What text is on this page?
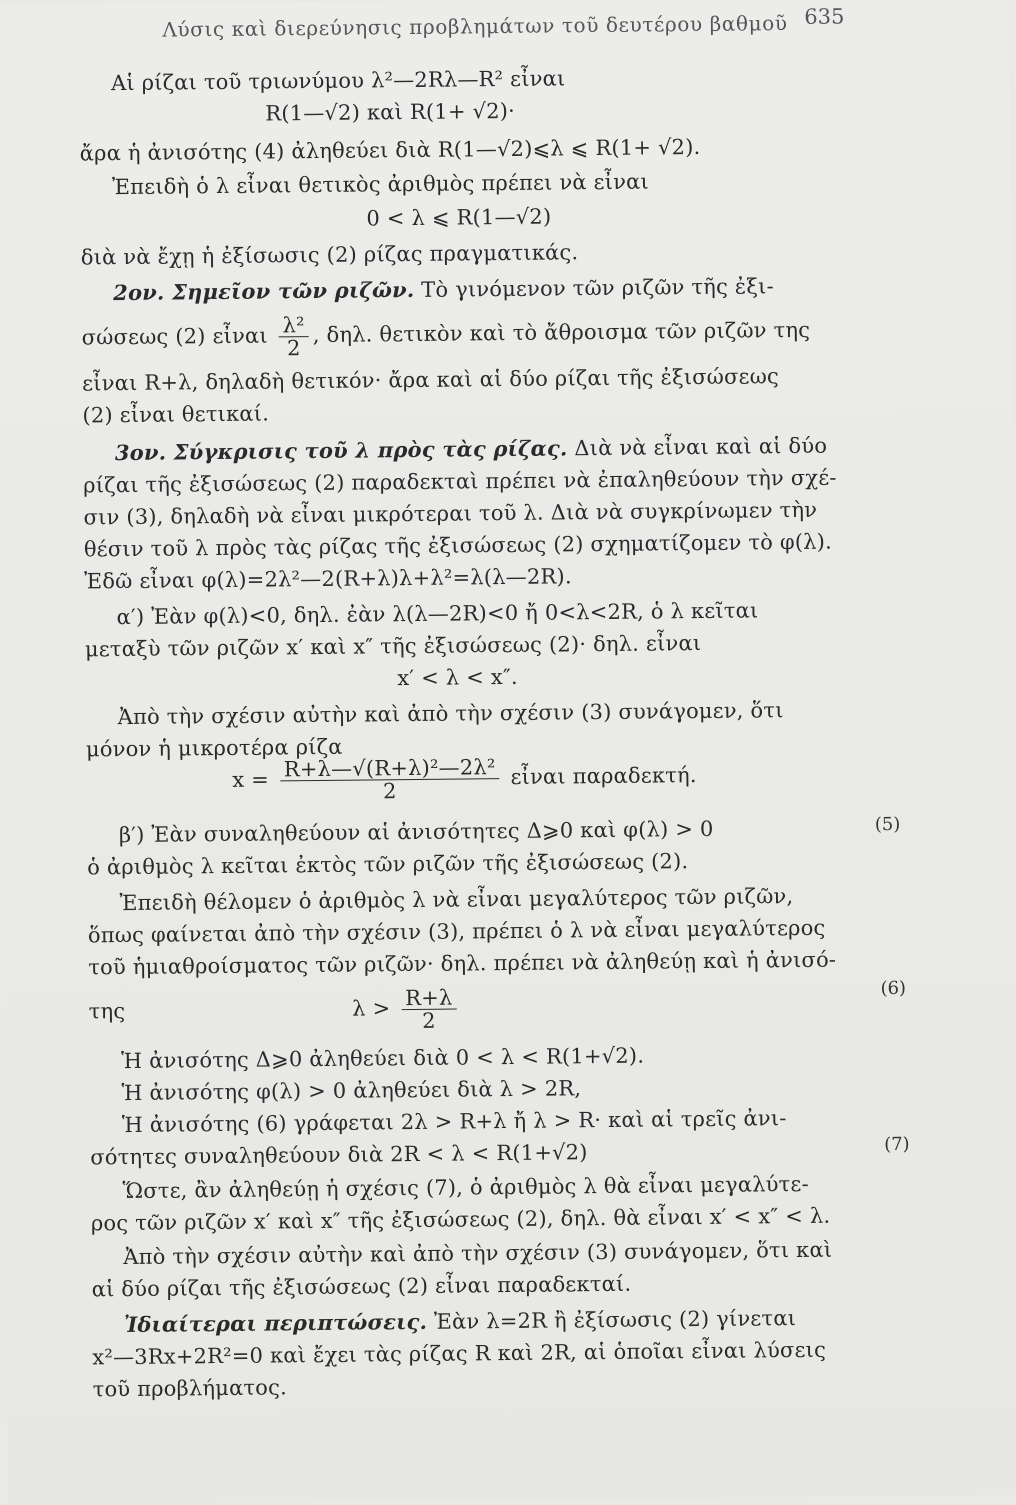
Λύσις καὶ διερεύνησις προβλημάτων τοῦ δευτέρου βαθμοῦ 635
Αἱ ρίζαι τοῦ τριωνύμου λ²—2Rλ—R² εἶναι
R(1—√2) καὶ R(1+ √2)·
ἄρα ἡ ἀνισότης (4) ἀληθεύει διὰ R(1—√2)⩽λ ⩽ R(1+ √2).
Ἐπειδὴ ὁ λ εἶναι θετικὸς ἀριθμὸς πρέπει νὰ εἶναι
0 < λ ⩽ R(1—√2)
διὰ νὰ ἔχῃ ἡ ἐξίσωσις (2) ρίζας πραγματικάς.
2ον. Σημεῖον τῶν ριζῶν. Τὸ γινόμενον τῶν ριζῶν τῆς ἐξι-
σώσεως (2) εἶναι $\frac{\text{λ²}}{2}$ , δηλ. θετικὸν καὶ τὸ ἄθροισμα τῶν ριζῶν της
εἶναι R+λ, δηλαδὴ θετικόν· ἄρα καὶ αἱ δύο ρίζαι τῆς ἐξισώσεως
(2) εἶναι θετικαί.
3ον. Σύγκρισις τοῦ λ πρὸς τὰς ρίζας. Διὰ νὰ εἶναι καὶ αἱ δύο
ρίζαι τῆς ἐξισώσεως (2) παραδεκταὶ πρέπει νὰ ἐπαληθεύουν τὴν σχέ-
σιν (3), δηλαδὴ νὰ εἶναι μικρότεραι τοῦ λ. Διὰ νὰ συγκρίνωμεν τὴν
θέσιν τοῦ λ πρὸς τὰς ρίζας τῆς ἐξισώσεως (2) σχηματίζομεν τὸ φ(λ).
Ἐδῶ εἶναι φ(λ)=2λ²—2(R+λ)λ+λ²=λ(λ—2R).
α′) Ἐὰν φ(λ)<0, δηλ. ἐὰν λ(λ—2R)<0 ἤ 0<λ<2R, ὁ λ κεῖται
μεταξὺ τῶν ριζῶν x′ καὶ x″ τῆς ἐξισώσεως (2)· δηλ. εἶναι
x′ < λ < x″.
Ἀπὸ τὴν σχέσιν αὐτὴν καὶ ἀπὸ τὴν σχέσιν (3) συνάγομεν, ὅτι
μόνον ἡ μικροτέρα ρίζα
$x = \frac{\text{R+λ—√(R+λ)²—2λ²}}{2}$ εἶναι παραδεκτή.
β′) Ἐὰν συναληθεύουν αἱ ἀνισότητες Δ⩾0 καὶ φ(λ) > 0	(5)
ὁ ἀριθμὸς λ κεῖται ἐκτὸς τῶν ριζῶν τῆς ἐξισώσεως (2).
Ἐπειδὴ θέλομεν ὁ ἀριθμὸς λ νὰ εἶναι μεγαλύτερος τῶν ριζῶν,
ὅπως φαίνεται ἀπὸ τὴν σχέσιν (3), πρέπει ὁ λ νὰ εἶναι μεγαλύτερος
τοῦ ἡμιαθροίσματος τῶν ριζῶν· δηλ. πρέπει νὰ ἀληθεύῃ καὶ ἡ ἀνισό-
της	$\lambda > \frac{R+\lambda}{2}$	(6)
Ἡ ἀνισότης Δ⩾0 ἀληθεύει διὰ 0 < λ < R(1+√2).
Ἡ ἀνισότης φ(λ) > 0 ἀληθεύει διὰ λ > 2R,
Ἡ ἀνισότης (6) γράφεται 2λ > R+λ ἤ λ > R· καὶ αἱ τρεῖς ἀνι-
σότητες συναληθεύουν διὰ 2R < λ < R(1+√2)	(7)
Ὥστε, ἂν ἀληθεύῃ ἡ σχέσις (7), ὁ ἀριθμὸς λ θὰ εἶναι μεγαλύτε-
ρος τῶν ριζῶν x′ καὶ x″ τῆς ἐξισώσεως (2), δηλ. θὰ εἶναι x′ < x″ < λ.
Ἀπὸ τὴν σχέσιν αὐτὴν καὶ ἀπὸ τὴν σχέσιν (3) συνάγομεν, ὅτι καὶ
αἱ δύο ρίζαι τῆς ἐξισώσεως (2) εἶναι παραδεκταί.
Ἰδιαίτεραι περιπτώσεις. Ἐὰν λ=2R ἢ ἐξίσωσις (2) γίνεται
x²—3Rx+2R²=0 καὶ ἔχει τὰς ρίζας R καὶ 2R, αἱ ὁποῖαι εἶναι λύσεις
τοῦ προβλήματος.
